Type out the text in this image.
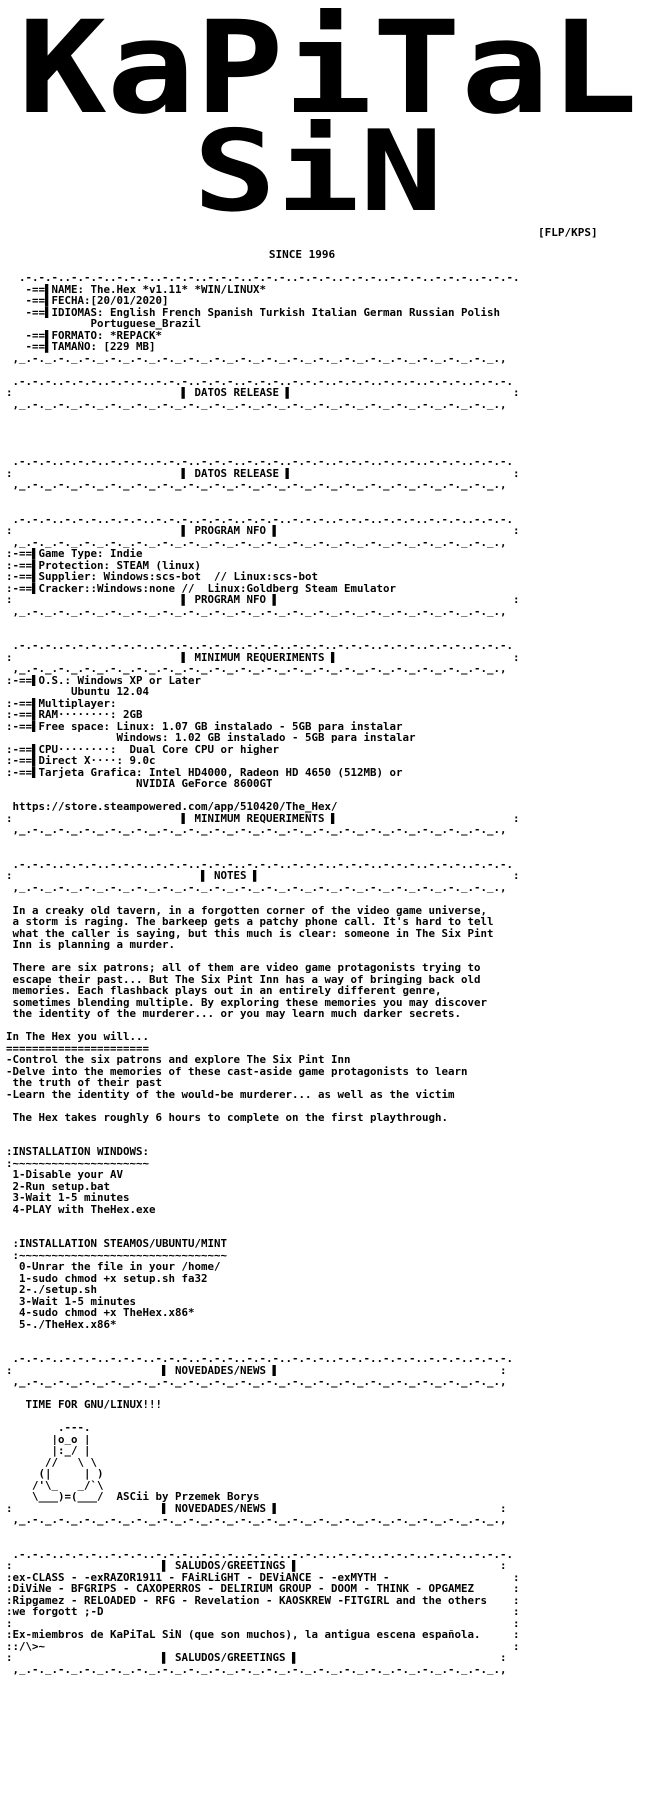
KaPiTaL
SiN	[FLP/KPS]
SINCE 1996
.-.-.-..-.-.-..-.-.-..-.-.-..-.-.-..-.-.-..-.-.-..-.-.-..-.-.-..-.-.-..-.-.-.
-==▌NAME: The.Hex *v1.11* *WIN/LINUX*
-==▌FECHA:[20/01/2020]
-==▌IDIOMAS: English French Spanish Turkish Italian German Russian Polish
Portuguese_Brazil
-==▌FORMATO: *REPACK*
-==▌TAMAÑO: [229 MB]
,_.-._.-._.-._.-._.-._.-._.-._.-._.-._.-._.-._.-._.-._.-._.-._.-._.-._.-._.,

.-.-.-..-.-.-..-.-.-..-.-.-..-.-.-..-.-.-..-.-.-..-.-.-..-.-.-..-.-.-..-.-.-.
:                          ▌ DATOS RELEASE ▌                                  :
,_.-._.-._.-._.-._.-._.-._.-._.-._.-._.-._.-._.-._.-._.-._.-._.-._.-._.-._.,

.-.-.-..-.-.-..-.-.-..-.-.-..-.-.-..-.-.-..-.-.-..-.-.-..-.-.-..-.-.-..-.-.-.
:                          ▌ DATOS RELEASE ▌                                  :
,_.-._.-._.-._.-._.-._.-._.-._.-._.-._.-._.-._.-._.-._.-._.-._.-._.-._.-._.,

.-.-.-..-.-.-..-.-.-..-.-.-..-.-.-..-.-.-..-.-.-..-.-.-..-.-.-..-.-.-..-.-.-.
:                          ▌ PROGRAM NFO ▌                                    :
,_.-._.-._.-._.-._.-._.-._.-._.-._.-._.-._.-._.-._.-._.-._.-._.-._.-._.-._.,
:-==▌Game Type: Indie
:-==▌Protection: STEAM (linux)
:-==▌Supplier: Windows:scs-bot  // Linux:scs-bot
:-==▌Cracker::Windows:none //  Linux:Goldberg Steam Emulator
:                          ▌ PROGRAM NFO ▌                                    :
,_.-._.-._.-._.-._.-._.-._.-._.-._.-._.-._.-._.-._.-._.-._.-._.-._.-._.-._.,

.-.-.-..-.-.-..-.-.-..-.-.-..-.-.-..-.-.-..-.-.-..-.-.-..-.-.-..-.-.-..-.-.-.
:                          ▌ MINIMUM REQUERIMENTS ▌                           :
,_.-._.-._.-._.-._.-._.-._.-._.-._.-._.-._.-._.-._.-._.-._.-._.-._.-._.-._.,
:-==▌O.S.: Windows XP or Later
Ubuntu 12.04
:-==▌Multiplayer:
:-==▌RAM········: 2GB
:-==▌Free space: Linux: 1.07 GB instalado - 5GB para instalar
Windows: 1.02 GB instalado - 5GB para instalar
:-==▌CPU········:  Dual Core CPU or higher
:-==▌Direct X····: 9.0c
:-==▌Tarjeta Grafica: Intel HD4000, Radeon HD 4650 (512MB) or
NVIDIA GeForce 8600GT

https://store.steampowered.com/app/510420/The_Hex/
:                          ▌ MINIMUM REQUERIMENTS ▌                           :
,_.-._.-._.-._.-._.-._.-._.-._.-._.-._.-._.-._.-._.-._.-._.-._.-._.-._.-._.,

.-.-.-..-.-.-..-.-.-..-.-.-..-.-.-..-.-.-..-.-.-..-.-.-..-.-.-..-.-.-..-.-.-.
:                             ▌ NOTES ▌                                       :
,_.-._.-._.-._.-._.-._.-._.-._.-._.-._.-._.-._.-._.-._.-._.-._.-._.-._.-._.,

In a creaky old tavern, in a forgotten corner of the video game universe,
a storm is raging. The barkeep gets a patchy phone call. It's hard to tell
what the caller is saying, but this much is clear: someone in The Six Pint
Inn is planning a murder.

There are six patrons; all of them are video game protagonists trying to
escape their past... But The Six Pint Inn has a way of bringing back old
memories. Each flashback plays out in an entirely different genre,
sometimes blending multiple. By exploring these memories you may discover
the identity of the murderer... or you may learn much darker secrets.

In The Hex you will...
======================
-Control the six patrons and explore The Six Pint Inn
-Delve into the memories of these cast-aside game protagonists to learn
the truth of their past
-Learn the identity of the would-be murderer... as well as the victim

The Hex takes roughly 6 hours to complete on the first playthrough.

:INSTALLATION WINDOWS:
:~~~~~~~~~~~~~~~~~~~~~
1-Disable your AV
2-Run setup.bat
3-Wait 1-5 minutes
4-PLAY with TheHex.exe

:INSTALLATION STEAMOS/UBUNTU/MINT
:~~~~~~~~~~~~~~~~~~~~~~~~~~~~~~~~
0-Unrar the file in your /home/
1-sudo chmod +x setup.sh fa32
2-./setup.sh
3-Wait 1-5 minutes
4-sudo chmod +x TheHex.x86*
5-./TheHex.x86*

.-.-.-..-.-.-..-.-.-..-.-.-..-.-.-..-.-.-..-.-.-..-.-.-..-.-.-..-.-.-..-.-.-.
:                       ▌ NOVEDADES/NEWS ▌                                  :
,_.-._.-._.-._.-._.-._.-._.-._.-._.-._.-._.-._.-._.-._.-._.-._.-._.-._.-._.,

TIME FOR GNU/LINUX!!!

.---.
|o_o |
|:_/ |
//   \ \
(|     | )
/'\_   _/`\
\___)=(___/  ASCii by Przemek Borys
:                       ▌ NOVEDADES/NEWS ▌                                  :
,_.-._.-._.-._.-._.-._.-._.-._.-._.-._.-._.-._.-._.-._.-._.-._.-._.-._.-._.,

.-.-.-..-.-.-..-.-.-..-.-.-..-.-.-..-.-.-..-.-.-..-.-.-..-.-.-..-.-.-..-.-.-.
:                       ▌ SALUDOS/GREETINGS ▌                               :
:ex-CLASS - -exRAZOR1911 - FAiRLiGHT - DEViANCE - -exMYTH -                   :
:DiViNe - BFGRIPS - CAXOPERROS - DELIRIUM GROUP - DOOM - THINK - OPGAMEZ      :
:Ripgamez - RELOADED - RFG - Revelation - KAOSKREW -FITGIRL and the others    :
:we forgott ;-D                                                               :
:                                                                             :
:Ex-miembros de KaPiTaL SiN (que son muchos), la antigua escena española.     :
::/\>~                                                                        :
:                       ▌ SALUDOS/GREETINGS ▌                               :
,_.-._.-._.-._.-._.-._.-._.-._.-._.-._.-._.-._.-._.-._.-._.-._.-._.-._.-._.,
